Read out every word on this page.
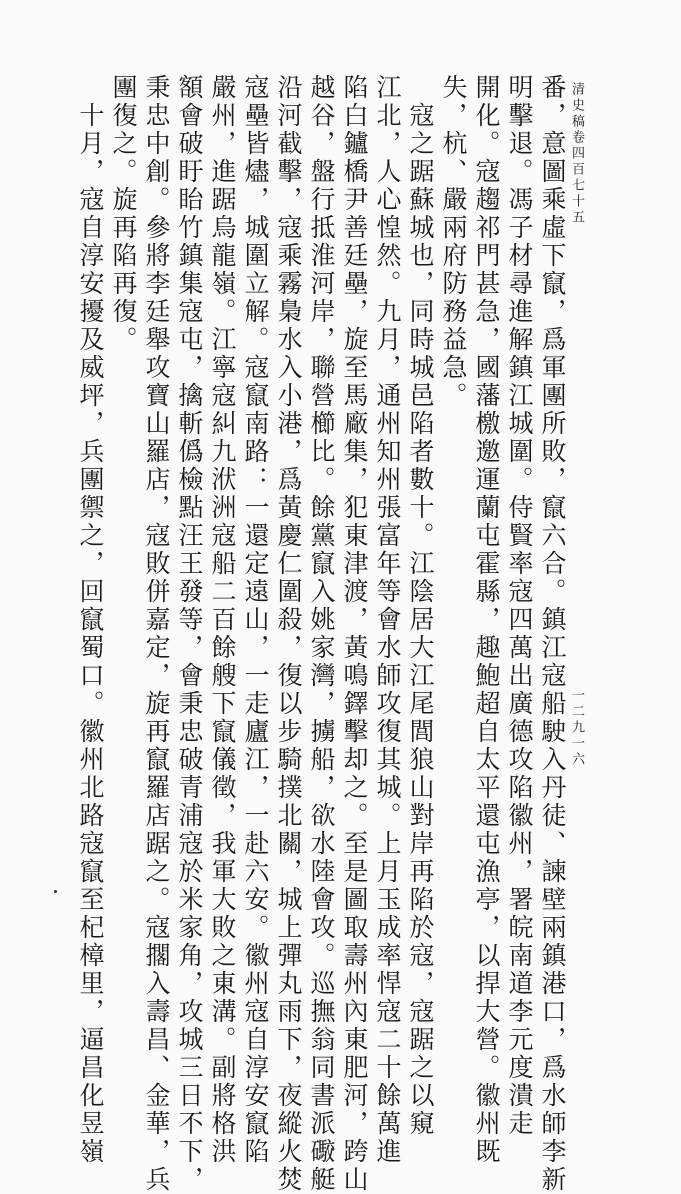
清史稿卷四百七十五
一二九一六
番，意圖乘虛下竄，爲軍團所敗，竄六合。鎮江寇船駛入丹徒、諫壁兩鎮港口，爲水師李新
明擊退。馮子材尋進解鎮江城圍。侍賢率寇四萬出廣德攻陷徽州，署皖南道李元度潰走
開化。寇趨祁門甚急，國藩檄邀運蘭屯霍縣，趣鮑超自太平還屯漁亭，以捍大營。徽州既
失，杭、嚴兩府防務益急。
　寇之踞蘇城也，同時城邑陷者數十。江陰居大江尾閭狼山對岸再陷於寇，寇踞之以窺
江北，人心惶然。九月，通州知州張富年等會水師攻復其城。上月玉成率悍寇二十餘萬進
陷白鑪橋尹善廷壘，旋至馬廠集，犯東津渡，黃鳴鐸擊却之。至是圖取壽州內東肥河，跨山
越谷，盤行抵淮河岸，聯營櫛比。餘黨竄入姚家灣，擄船，欲水陸會攻。巡撫翁同書派礮艇
沿河截擊，寇乘霧梟水入小港，爲黃慶仁圍殺，復以步騎撲北關，城上彈丸雨下，夜縱火焚
寇壘皆燼，城圍立解。寇竄南路：一還定遠山，一走廬江，一赴六安。徽州寇自淳安竄陷
嚴州，進踞烏龍嶺。江寧寇糾九洑洲寇船二百餘艘下竄儀徵，我軍大敗之東溝。副將格洪
額會破盱眙竹鎮集寇屯，擒斬僞檢點汪王發等，會秉忠破青浦寇於米家角，攻城三日不下，
秉忠中創。參將李廷舉攻寶山羅店，寇敗併嘉定，旋再竄羅店踞之。寇擱入壽昌、金華，兵
團復之。旋再陷再復。
　十月，寇自淳安擾及威坪，兵團禦之，回竄蜀口。徽州北路寇竄至杞樟里，逼昌化昱嶺
